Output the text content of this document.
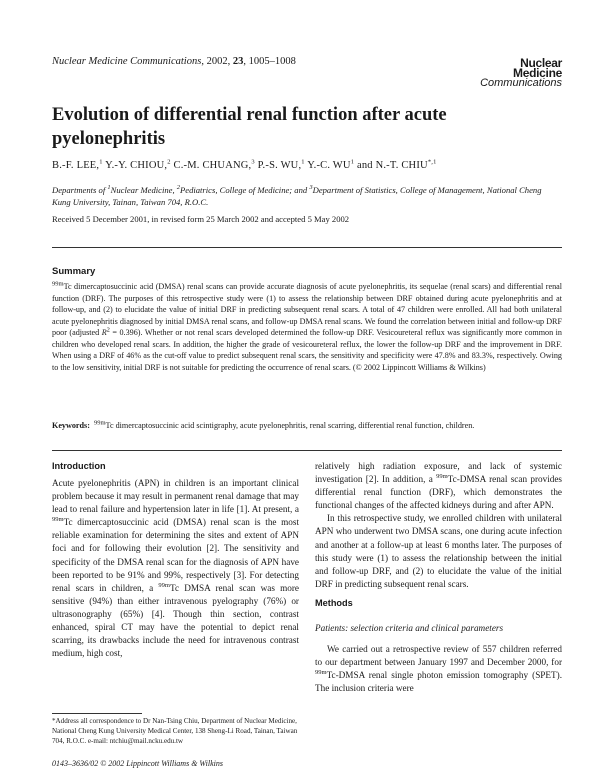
Nuclear Medicine Communications, 2002, 23, 1005–1008	Nuclear
Medicine
Communications
Evolution of differential renal function after acute pyelonephritis
B.-F. LEE,$^1$ Y.-Y. CHIOU,$^2$ C.-M. CHUANG,$^3$ P.-S. WU,$^1$ Y.-C. $WU^1$ and N.-T. $CHIU^{*,1}$
Departments of $^1$Nuclear Medicine, $^2$Pediatrics, College of Medicine; and $^3$Department of Statistics, College of Management, National Cheng Kung University, Tainan, Taiwan 704, R.O.C.
Received 5 December 2001, in revised form 25 March 2002 and accepted 5 May 2002
Summary

$^{99m}$Tc dimercaptosuccinic acid (DMSA) renal scans can provide accurate diagnosis of acute pyelonephritis, its sequelae (renal scars) and differential renal function (DRF). The purposes of this retrospective study were (1) to assess the relationship between DRF obtained during acute pyelonephritis and at follow-up, and (2) to elucidate the value of initial DRF in predicting subsequent renal scars. A total of 47 children were enrolled. All had both unilateral acute pyelonephritis diagnosed by initial DMSA renal scans, and follow-up DMSA renal scans. We found the correlation between initial and follow-up DRF poor (adjusted $R^2 = 0.396$). Whether or not renal scars developed determined the follow-up DRF. Vesicoureteral reflux was significantly more common in children who developed renal scars. In addition, the higher the grade of vesicoureteral reflux, the lower the follow-up DRF and the improvement in DRF. When using a DRF of 46% as the cut-off value to predict subsequent renal scars, the sensitivity and specificity were 47.8% and 83.3%, respectively. Owing to the low sensitivity, initial DRF is not suitable for predicting the occurrence of renal scars. (© 2002 Lippincott Williams & Wilkins)

Keywords: $^{99m}$Tc dimercaptosuccinic acid scintigraphy, acute pyelonephritis, renal scarring, differential renal function, children.

Introduction

Acute pyelonephritis (APN) in children is an important clinical problem because it may result in permanent renal damage that may lead to renal failure and hypertension later in life [1]. At present, a $^{99m}$Tc dimercaptosuccinic acid (DMSA) renal scan is the most reliable examination for determining the sites and extent of APN foci and for following their evolution [2]. The sensitivity and specificity of the DMSA renal scan for the diagnosis of APN have been reported to be 91% and 99%, respectively [3]. For detecting renal scars in children, a $^{99m}$Tc DMSA renal scan was more sensitive (94%) than either intravenous pyelography (76%) or ultrasonography (65%) [4]. Though thin section, contrast enhanced, spiral CT may have the potential to depict renal scarring, its drawbacks include the need for intravenous contrast medium, high cost,

relatively high radiation exposure, and lack of systemic investigation [2]. In addition, a $^{99m}$Tc-DMSA renal scan provides differential renal function (DRF), which demonstrates the functional changes of the affected kidneys during and after APN.

In this retrospective study, we enrolled children with unilateral APN who underwent two DMSA scans, one during acute infection and another at a follow-up at least 6 months later. The purposes of this study were (1) to assess the relationship between the initial and follow-up DRF, and (2) to elucidate the value of the initial DRF in predicting subsequent renal scars.

Methods
Patients: selection criteria and clinical parameters

We carried out a retrospective review of 557 children referred to our department between January 1997 and December 2000, for $^{99m}$Tc-DMSA renal single photon emission tomography (SPET). The inclusion criteria were

*Address all correspondence to Dr Nan-Tsing Chiu, Department of Nuclear Medicine, National Cheng Kung University Medical Center, 138 Sheng-Li Road, Tainan, Taiwan 704, R.O.C. e-mail: ntchiu@mail.ncku.edu.tw

0143–3636/02 © 2002 Lippincott Williams & Wilkins
